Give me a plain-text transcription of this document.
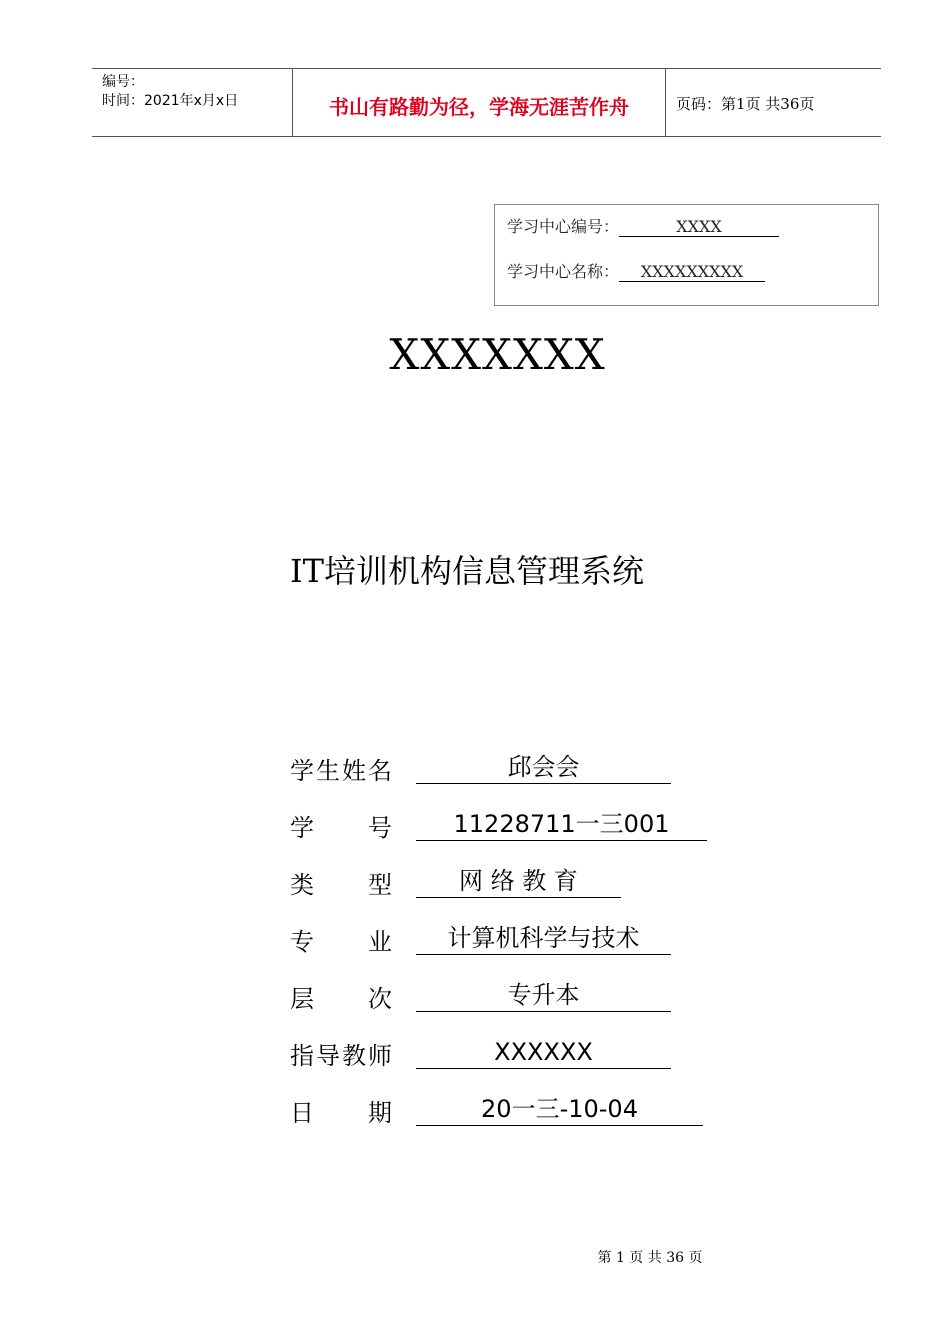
编号：
时间：2021年x月x日	书山有路勤为径，学海无涯苦作舟	页码：第1页 共36页
学习中心编号：	XXXX
学习中心名称： XXXXXXXXX
XXXXXXX
IT培训机构信息管理系统
学 生 姓 名	邱会会
学 号	11228711一三001
类 型	网 络 教 育
专 业	计算机科学与技术
层 次	专升本
指 导 教 师	XXXXXX
日 期	20一三-10-04
第 1 页 共 36 页
